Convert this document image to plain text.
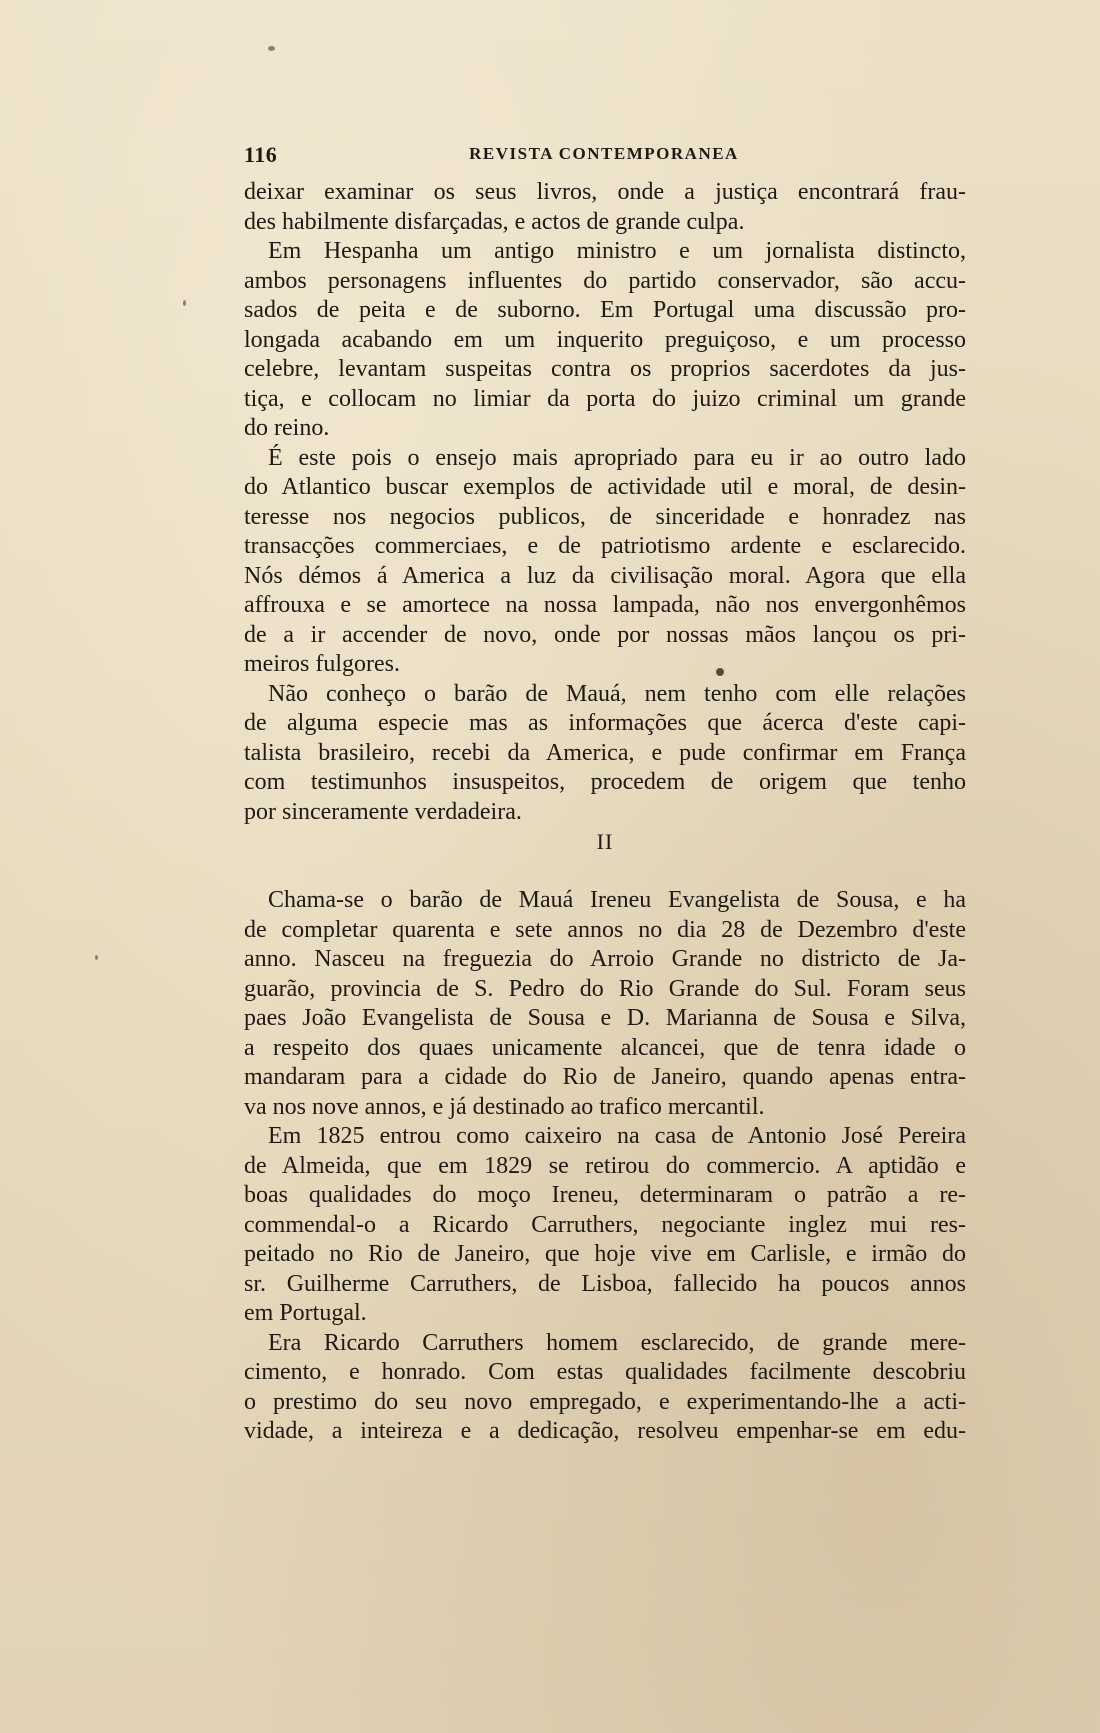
116	REVISTA CONTEMPORANEA
deixar examinar os seus livros, onde a justiça encontrará frau-
des habilmente disfarçadas, e actos de grande culpa.
Em Hespanha um antigo ministro e um jornalista distincto,
ambos personagens influentes do partido conservador, são accu-
sados de peita e de suborno. Em Portugal uma discussão pro-
longada acabando em um inquerito preguiçoso, e um processo
celebre, levantam suspeitas contra os proprios sacerdotes da jus-
tiça, e collocam no limiar da porta do juizo criminal um grande
do reino.
É este pois o ensejo mais apropriado para eu ir ao outro lado
do Atlantico buscar exemplos de actividade util e moral, de desin-
teresse nos negocios publicos, de sinceridade e honradez nas
transacções commerciaes, e de patriotismo ardente e esclarecido.
Nós démos á America a luz da civilisação moral. Agora que ella
affrouxa e se amortece na nossa lampada, não nos envergonhêmos
de a ir accender de novo, onde por nossas mãos lançou os pri-
meiros fulgores.
Não conheço o barão de Mauá, nem tenho com elle relações
de alguma especie mas as informações que ácerca d'este capi-
talista brasileiro, recebi da America, e pude confirmar em França
com testimunhos insuspeitos, procedem de origem que tenho
por sinceramente verdadeira.
II
Chama-se o barão de Mauá Ireneu Evangelista de Sousa, e ha
de completar quarenta e sete annos no dia 28 de Dezembro d'este
anno. Nasceu na freguezia do Arroio Grande no districto de Ja-
guarão, provincia de S. Pedro do Rio Grande do Sul. Foram seus
paes João Evangelista de Sousa e D. Marianna de Sousa e Silva,
a respeito dos quaes unicamente alcancei, que de tenra idade o
mandaram para a cidade do Rio de Janeiro, quando apenas entra-
va nos nove annos, e já destinado ao trafico mercantil.
Em 1825 entrou como caixeiro na casa de Antonio José Pereira
de Almeida, que em 1829 se retirou do commercio. A aptidão e
boas qualidades do moço Ireneu, determinaram o patrão a re-
commendal-o a Ricardo Carruthers, negociante inglez mui res-
peitado no Rio de Janeiro, que hoje vive em Carlisle, e irmão do
sr. Guilherme Carruthers, de Lisboa, fallecido ha poucos annos
em Portugal.
Era Ricardo Carruthers homem esclarecido, de grande mere-
cimento, e honrado. Com estas qualidades facilmente descobriu
o prestimo do seu novo empregado, e experimentando-lhe a acti-
vidade, a inteireza e a dedicação, resolveu empenhar-se em edu-
